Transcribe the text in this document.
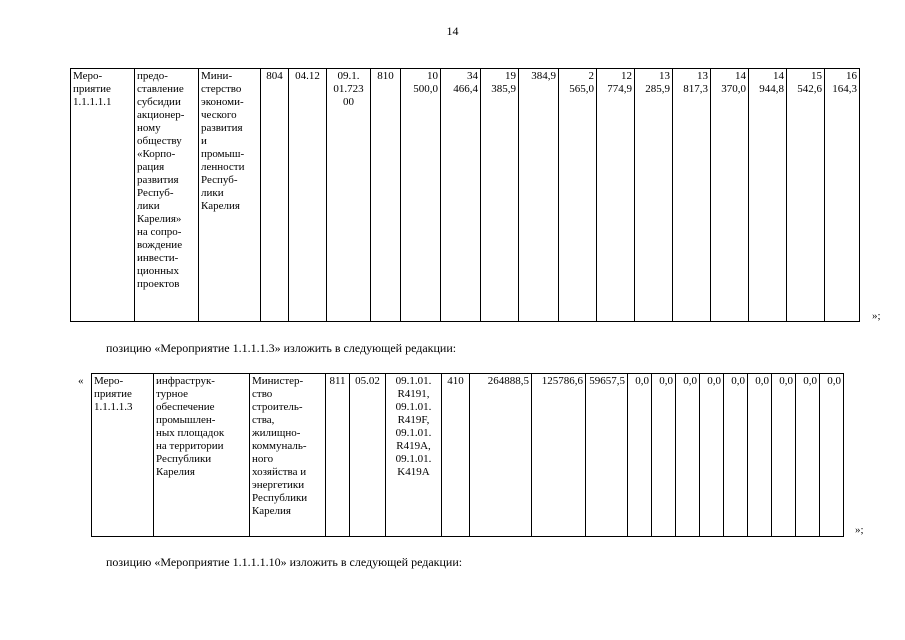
14
Меро-
приятие
1.1.1.1.1	предо-
ставление
субсидии
акционер-
ному
обществу
«Корпо-
рация
развития
Респуб-
лики
Карелия»
на сопро-
вождение
инвести-
ционных
проектов	Мини-
стерство
экономи-
ческого
развития
и
промыш-
ленности
Респуб-
лики
Карелия	804	04.12	09.1.
01.723
00	810	10
500,0	34
466,4	19
385,9	384,9	2
565,0	12
774,9	13
285,9	13
817,3	14
370,0	14
944,8	15
542,6	16
164,3
»;
позицию «Мероприятие 1.1.1.1.3» изложить в следующей редакции:
« Меро-
приятие
1.1.1.1.3	инфраструк-
турное
обеспечение
промышлен-
ных площадок
на территории
Республики
Карелия	Министер-
ство
строитель-
ства,
жилищно-
коммуналь-
ного
хозяйства и
энергетики
Республики
Карелия	811	05.02	09.1.01.
R4191,
09.1.01.
R419F,
09.1.01.
R419A,
09.1.01.
K419A	410	264888,5	125786,6	59657,5	0,0	0,0	0,0	0,0	0,0	0,0	0,0	0,0	0,0
»;
позицию «Мероприятие 1.1.1.1.10» изложить в следующей редакции:
